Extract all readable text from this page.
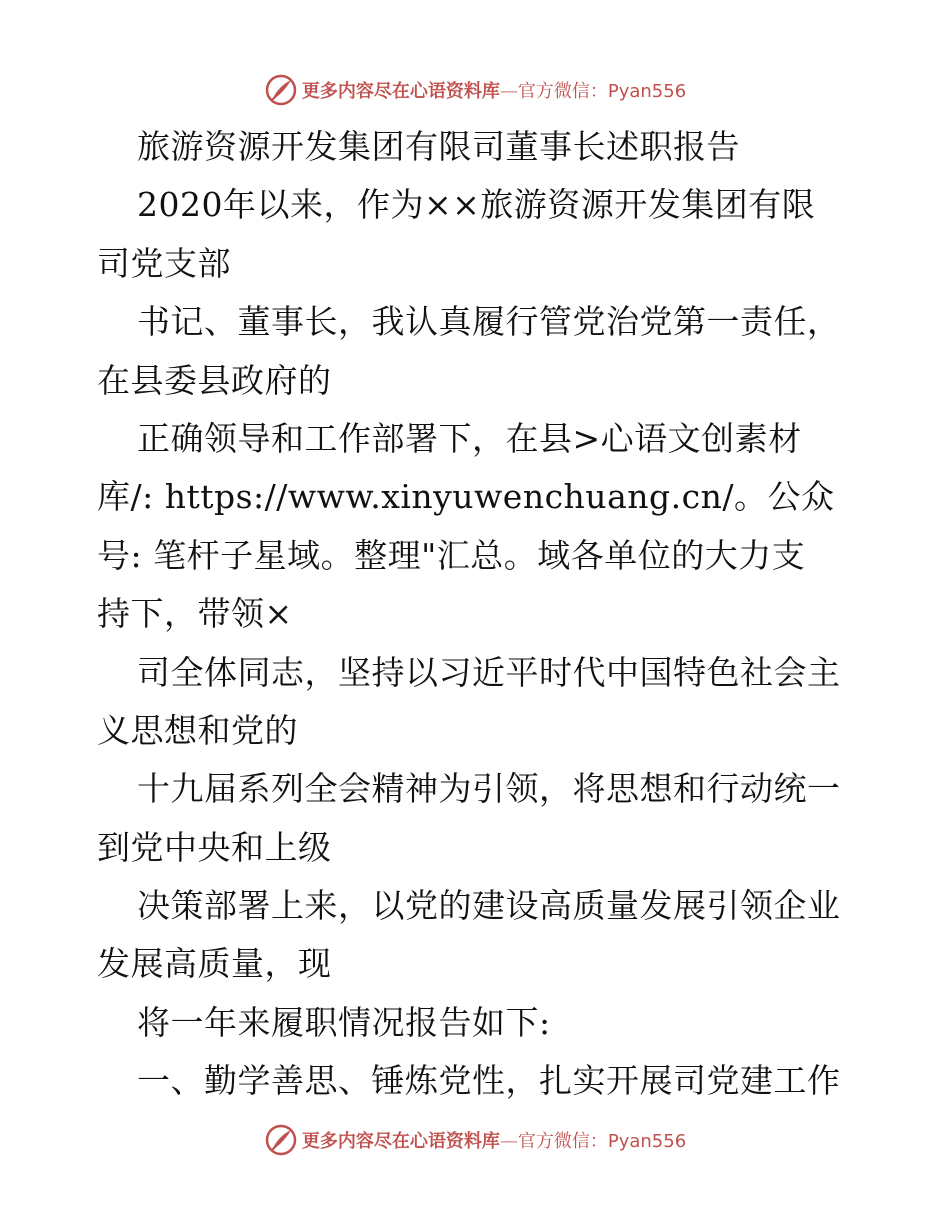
更多内容尽在心语资料库—官方微信：Pyan556
旅游资源开发集团有限司董事长述职报告
2020年以来，作为××旅游资源开发集团有限
司党支部
书记、董事长，我认真履行管党治党第一责任，
在县委县政府的
正确领导和工作部署下，在县>心语文创素材
库/: https://www.xinyuwenchuang.cn/。公众
号: 笔杆子星域。整理"汇总。域各单位的大力支
持下，带领×
司全体同志，坚持以习近平时代中国特色社会主
义思想和党的
十九届系列全会精神为引领，将思想和行动统一
到党中央和上级
决策部署上来，以党的建设高质量发展引领企业
发展高质量，现
将一年来履职情况报告如下:
一、勤学善思、锤炼党性，扎实开展司党建工作
更多内容尽在心语资料库—官方微信：Pyan556
